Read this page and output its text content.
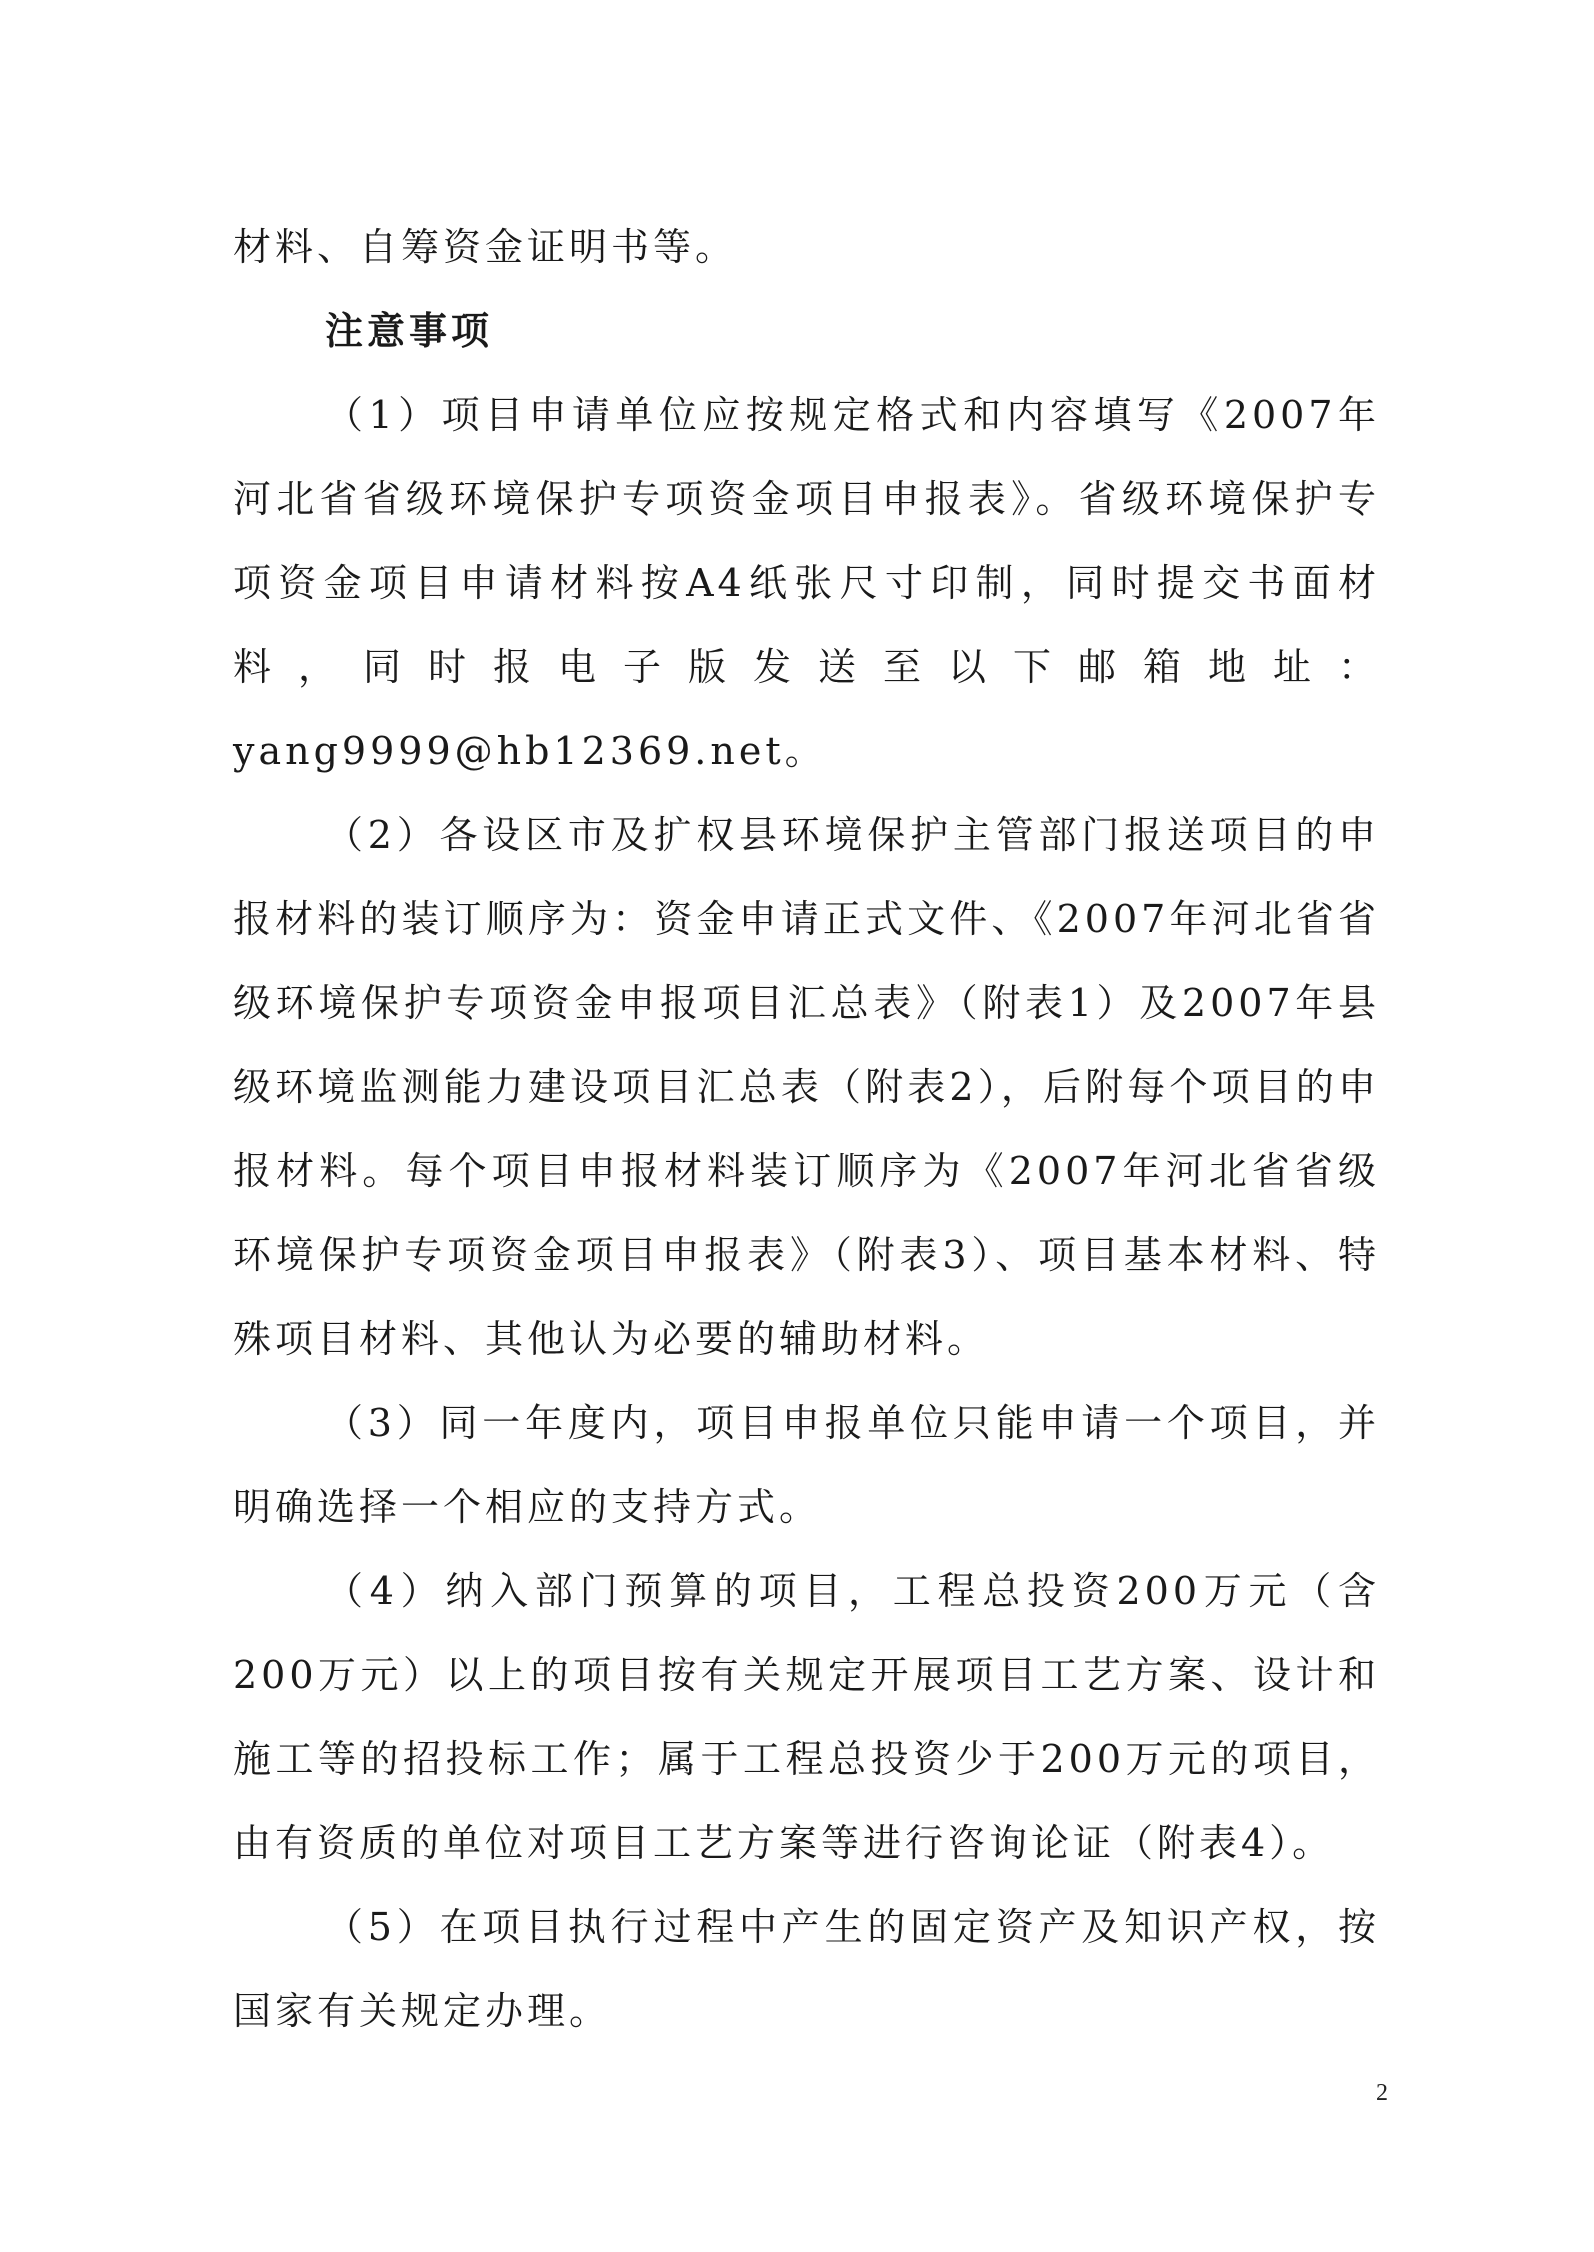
材料、自筹资金证明书等。

注意事项

（1）项目申请单位应按规定格式和内容填写《2007年河北省省级环境保护专项资金项目申报表》。省级环境保护专项资金项目申请材料按A4纸张尺寸印制，同时提交书面材料，同时报电子版发送至以下邮箱地址：yang9999@hb12369.net。

（2）各设区市及扩权县环境保护主管部门报送项目的申报材料的装订顺序为：资金申请正式文件、《2007年河北省省级环境保护专项资金申报项目汇总表》（附表1）及2007年县级环境监测能力建设项目汇总表（附表2），后附每个项目的申报材料。每个项目申报材料装订顺序为《2007年河北省省级环境保护专项资金项目申报表》（附表3）、项目基本材料、特殊项目材料、其他认为必要的辅助材料。

（3）同一年度内，项目申报单位只能申请一个项目，并明确选择一个相应的支持方式。

（4）纳入部门预算的项目，工程总投资200万元（含200万元）以上的项目按有关规定开展项目工艺方案、设计和施工等的招投标工作；属于工程总投资少于200万元的项目，由有资质的单位对项目工艺方案等进行咨询论证（附表4）。

（5）在项目执行过程中产生的固定资产及知识产权，按国家有关规定办理。

2
